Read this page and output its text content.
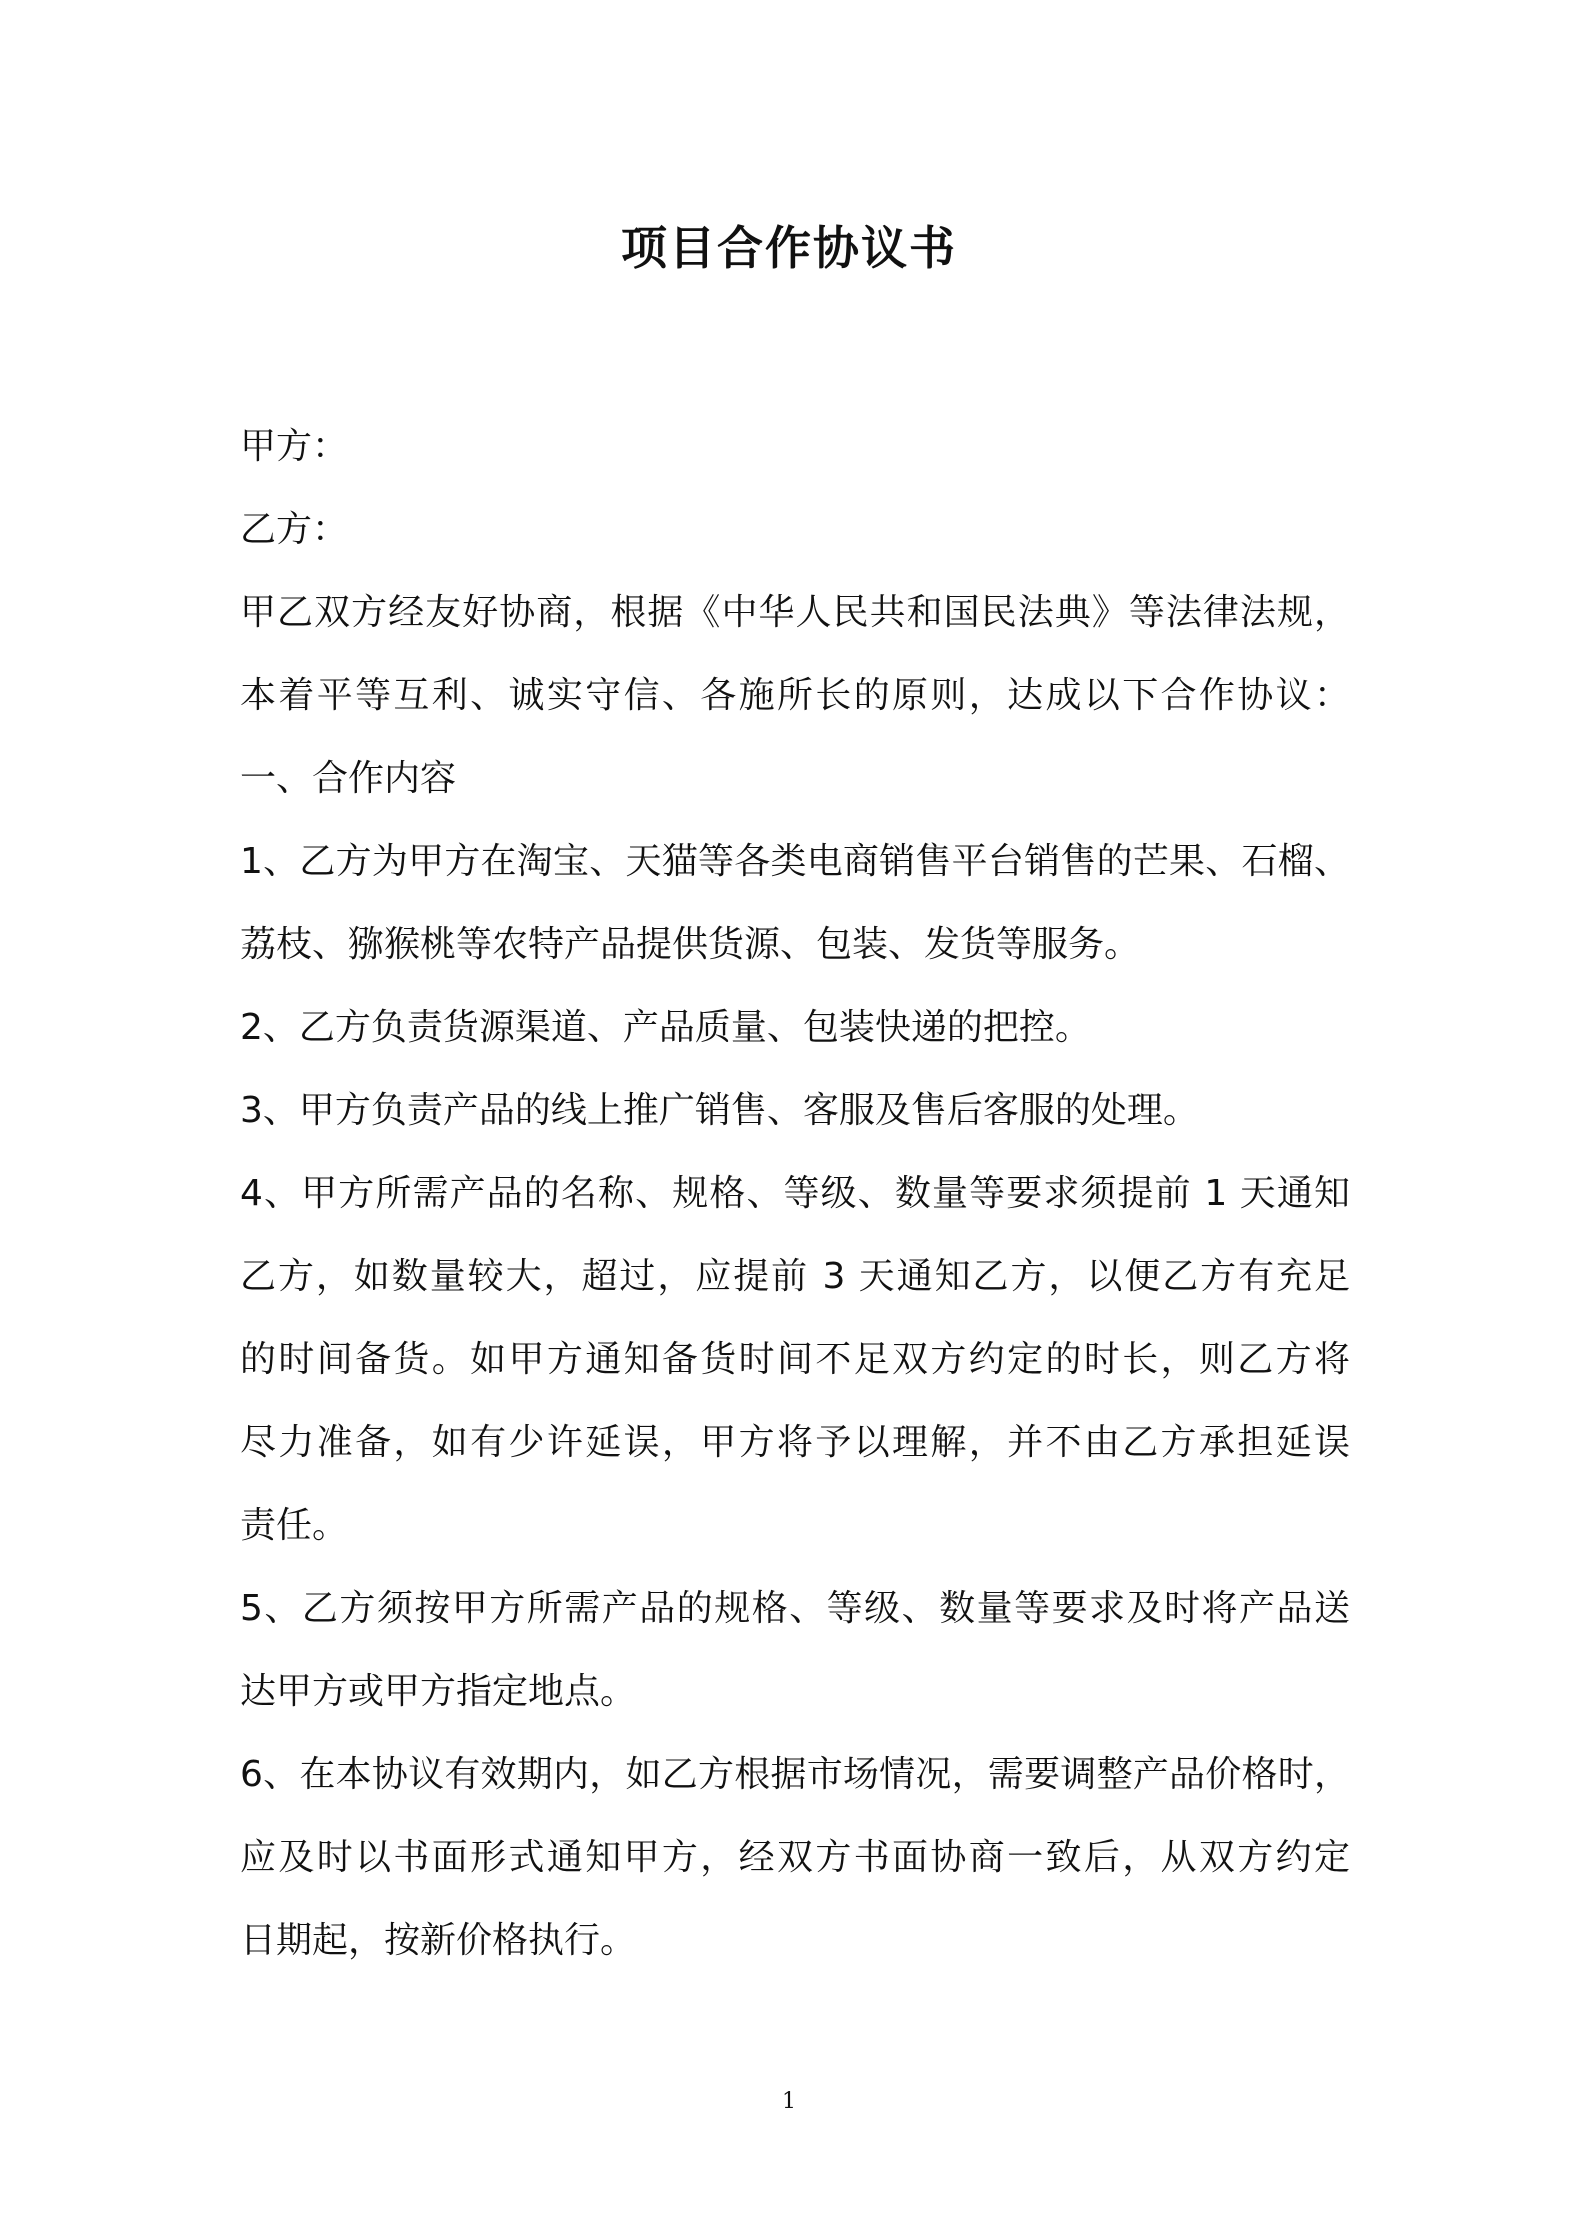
项目合作协议书
甲方：
乙方：
甲乙双方经友好协商，根据《中华人民共和国民法典》等法律法规，
本着平等互利、诚实守信、各施所长的原则，达成以下合作协议：
一、合作内容
1、乙方为甲方在淘宝、天猫等各类电商销售平台销售的芒果、石榴、
荔枝、猕猴桃等农特产品提供货源、包装、发货等服务。
2、乙方负责货源渠道、产品质量、包装快递的把控。
3、甲方负责产品的线上推广销售、客服及售后客服的处理。
4、甲方所需产品的名称、规格、等级、数量等要求须提前 1 天通知
乙方，如数量较大，超过，应提前 3 天通知乙方，以便乙方有充足
的时间备货。如甲方通知备货时间不足双方约定的时长，则乙方将
尽力准备，如有少许延误，甲方将予以理解，并不由乙方承担延误
责任。
5、乙方须按甲方所需产品的规格、等级、数量等要求及时将产品送
达甲方或甲方指定地点。
6、在本协议有效期内，如乙方根据市场情况，需要调整产品价格时，
应及时以书面形式通知甲方，经双方书面协商一致后，从双方约定
日期起，按新价格执行。
1
